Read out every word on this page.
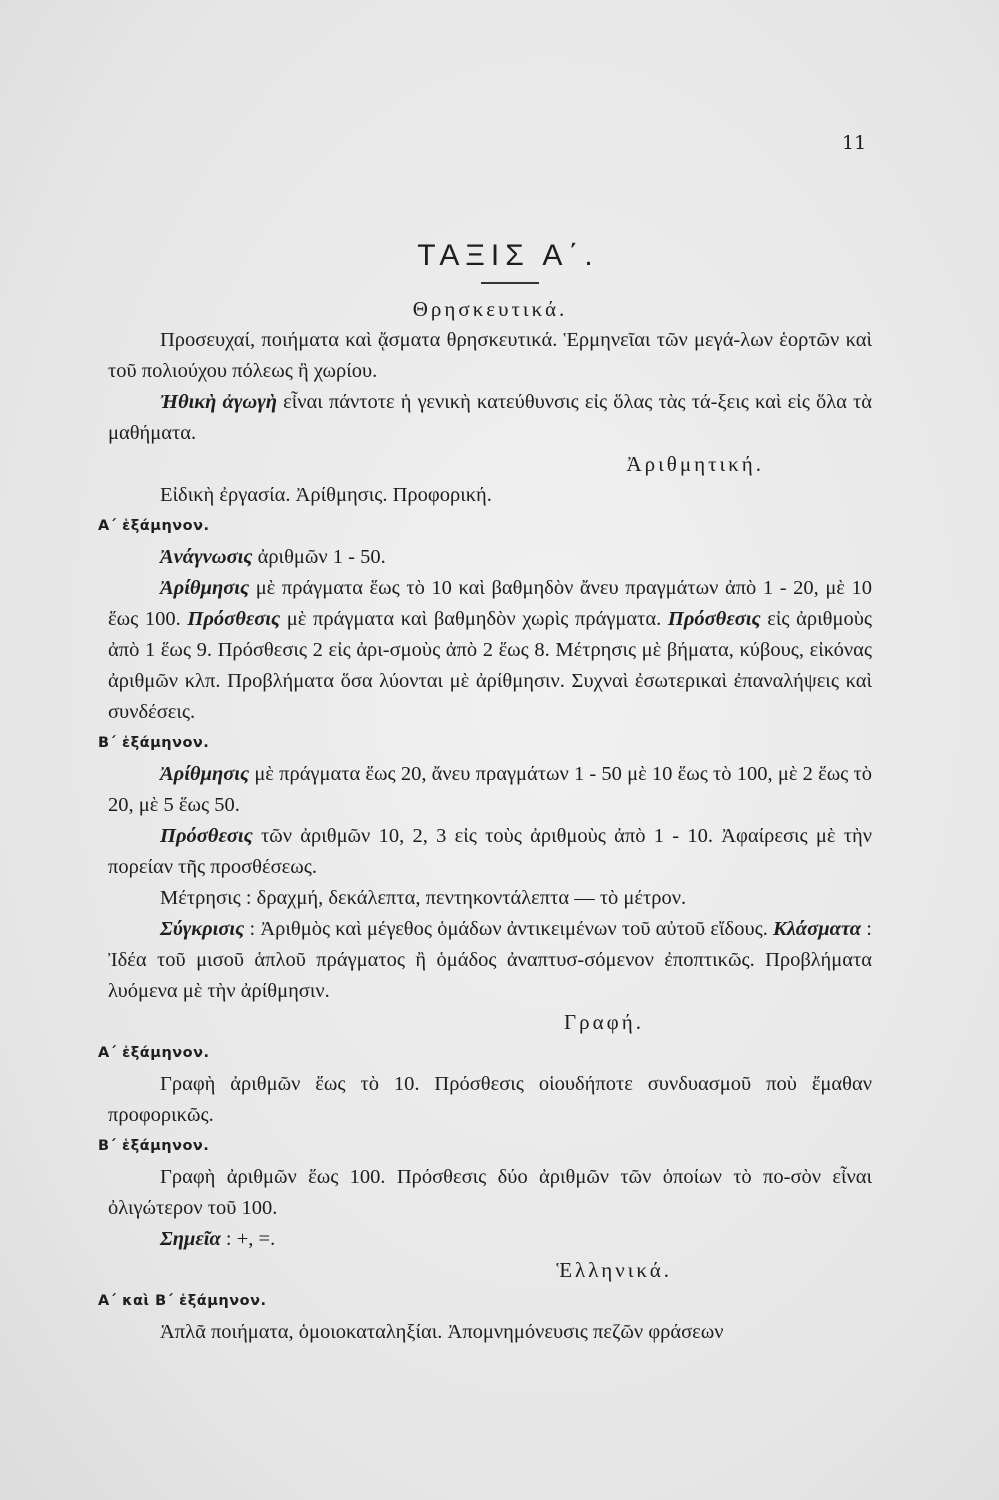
11
ΤΑΞΙΣ Α΄.
Θρησκευτικά.

Προσευχαί, ποιήματα καὶ ᾄσματα θρησκευτικά. Ἑρμηνεῖαι τῶν μεγά-λων ἑορτῶν καὶ τοῦ πολιούχου πόλεως ἢ χωρίου.

Ἠθικὴ ἀγωγὴ εἶναι πάντοτε ἡ γενικὴ κατεύθυνσις εἰς ὅλας τὰς τά-ξεις καὶ εἰς ὅλα τὰ μαθήματα.

Ἀριθμητική.

Εἰδικὴ ἐργασία. Ἀρίθμησις. Προφορική.

Α΄ ἑξάμηνον.

Ἀνάγνωσις ἀριθμῶν 1 - 50.

Ἀρίθμησις μὲ πράγματα ἕως τὸ 10 καὶ βαθμηδὸν ἄνευ πραγμάτων ἀπὸ 1 - 20, μὲ 10 ἕως 100. Πρόσθεσις μὲ πράγματα καὶ βαθμηδὸν χωρὶς πράγματα. Πρόσθεσις εἰς ἀριθμοὺς ἀπὸ 1 ἕως 9. Πρόσθεσις 2 εἰς ἀρι-σμοὺς ἀπὸ 2 ἕως 8. Μέτρησις μὲ βήματα, κύβους, εἰκόνας ἀριθμῶν κλπ. Προβλήματα ὅσα λύονται μὲ ἀρίθμησιν. Συχναὶ ἐσωτερικαὶ ἐπαναλήψεις καὶ συνδέσεις.

Β΄ ἑξάμηνον.

Ἀρίθμησις μὲ πράγματα ἕως 20, ἄνευ πραγμάτων 1 - 50 μὲ 10 ἕως τὸ 100, μὲ 2 ἕως τὸ 20, μὲ 5 ἕως 50.

Πρόσθεσις τῶν ἀριθμῶν 10, 2, 3 εἰς τοὺς ἀριθμοὺς ἀπὸ 1 - 10. Ἀφαίρεσις μὲ τὴν πορείαν τῆς προσθέσεως.

Μέτρησις : δραχμή, δεκάλεπτα, πεντηκοντάλεπτα — τὸ μέτρον.

Σύγκρισις : Ἀριθμὸς καὶ μέγεθος ὁμάδων ἀντικειμένων τοῦ αὐτοῦ εἴδους. Κλάσματα : Ἰδέα τοῦ μισοῦ ἁπλοῦ πράγματος ἢ ὁμάδος ἀναπτυσ-σόμενον ἐποπτικῶς. Προβλήματα λυόμενα μὲ τὴν ἀρίθμησιν.

Γραφή.
Α΄ ἑξάμηνον.

Γραφὴ ἀριθμῶν ἕως τὸ 10. Πρόσθεσις οἱουδήποτε συνδυασμοῦ ποὺ ἔμαθαν προφορικῶς.

Β΄ ἑξάμηνον.

Γραφὴ ἀριθμῶν ἕως 100. Πρόσθεσις δύο ἀριθμῶν τῶν ὁποίων τὸ πο-σὸν εἶναι ὀλιγώτερον τοῦ 100.

Σημεῖα : +, =.

Ἑλληνικά.
Α΄ καὶ Β΄ ἑξάμηνον.

Ἁπλᾶ ποιήματα, ὁμοιοκαταληξίαι. Ἀπομνημόνευσις πεζῶν φράσεων
